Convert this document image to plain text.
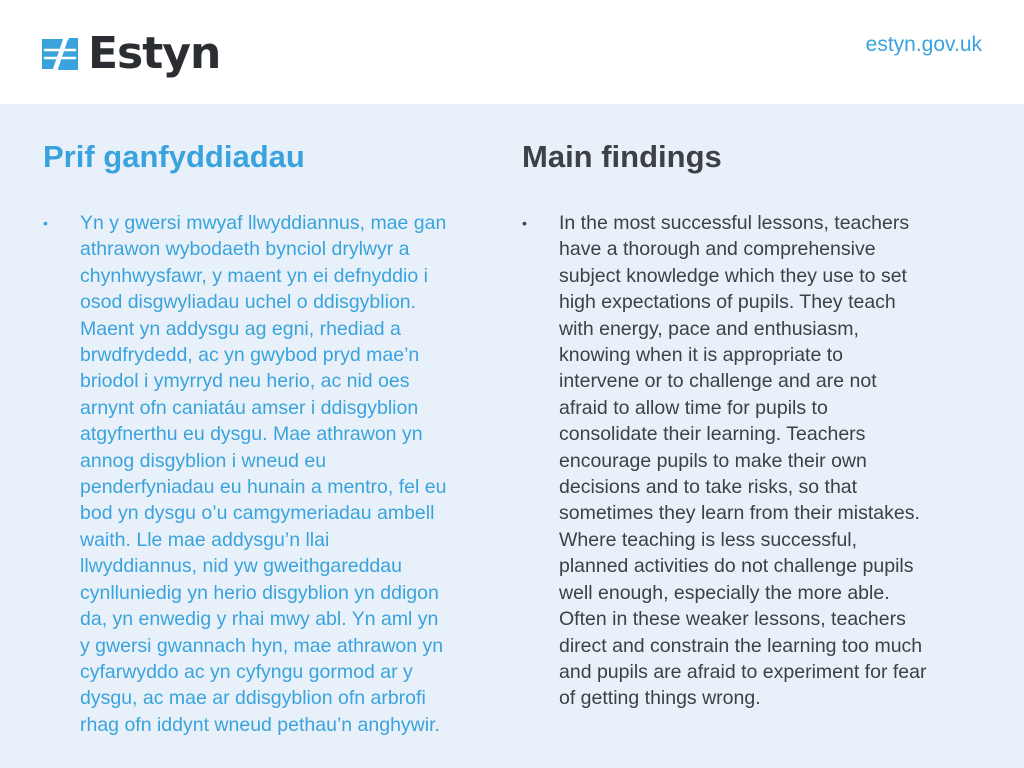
Estyn	estyn.gov.uk
Prif ganfyddiadau
• Yn y gwersi mwyaf llwyddiannus, mae gan
athrawon wybodaeth bynciol drylwyr a
chynhwysfawr, y maent yn ei defnyddio i
osod disgwyliadau uchel o ddisgyblion.
Maent yn addysgu ag egni, rhediad a
brwdfrydedd, ac yn gwybod pryd mae’n
briodol i ymyrryd neu herio, ac nid oes
arnynt ofn caniatáu amser i ddisgyblion
atgyfnerthu eu dysgu. Mae athrawon yn
annog disgyblion i wneud eu
penderfyniadau eu hunain a mentro, fel eu
bod yn dysgu o’u camgymeriadau ambell
waith. Lle mae addysgu’n llai
llwyddiannus, nid yw gweithgareddau
cynlluniedig yn herio disgyblion yn ddigon
da, yn enwedig y rhai mwy abl. Yn aml yn
y gwersi gwannach hyn, mae athrawon yn
cyfarwyddo ac yn cyfyngu gormod ar y
dysgu, ac mae ar ddisgyblion ofn arbrofi
rhag ofn iddynt wneud pethau’n anghywir.
Main findings
• In the most successful lessons, teachers
have a thorough and comprehensive
subject knowledge which they use to set
high expectations of pupils. They teach
with energy, pace and enthusiasm,
knowing when it is appropriate to
intervene or to challenge and are not
afraid to allow time for pupils to
consolidate their learning. Teachers
encourage pupils to make their own
decisions and to take risks, so that
sometimes they learn from their mistakes.
Where teaching is less successful,
planned activities do not challenge pupils
well enough, especially the more able.
Often in these weaker lessons, teachers
direct and constrain the learning too much
and pupils are afraid to experiment for fear
of getting things wrong.
